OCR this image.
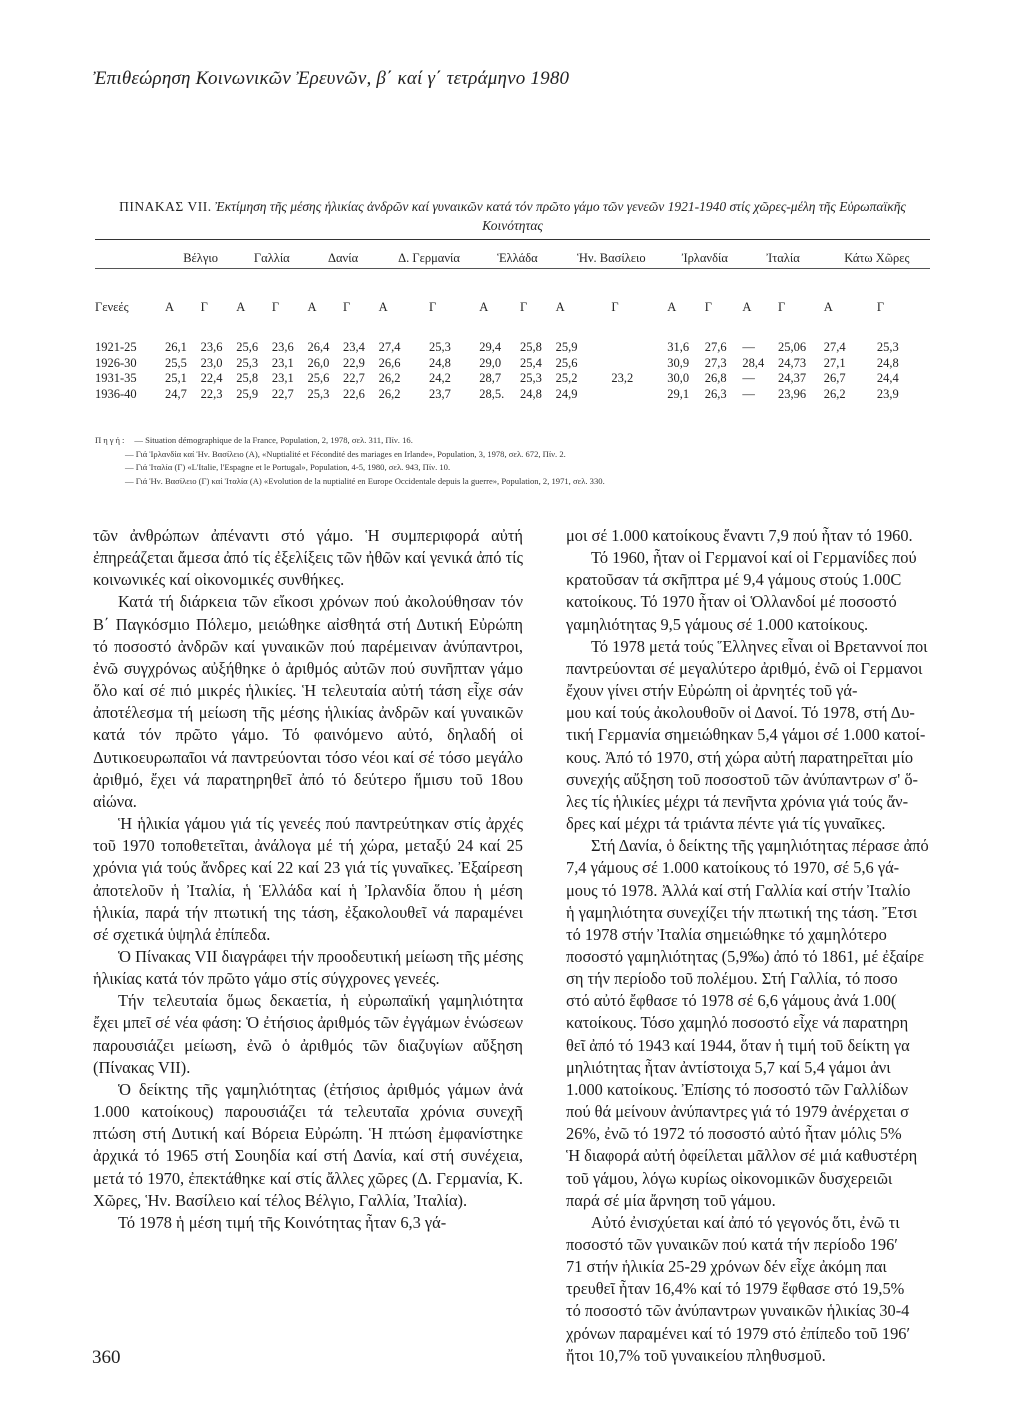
Ἐπιθεώρηση Κοινωνικῶν Ἐρευνῶν, β΄ καί γ΄ τετράμηνο 1980
ΠΙΝΑΚΑΣ VII. Ἐκτίμηση τῆς μέσης ἡλικίας ἀνδρῶν καί γυναικῶν κατά τόν πρῶτο γάμο τῶν γενεῶν 1921-1940 στίς χῶρες-μέλη τῆς Εὐρωπαϊκῆς Κοινότητας
	Βέλγιο		Γαλλία		Δανία		Δ. Γερμανία		Ἑλλάδα		Ἡν. Βασίλειο		Ἰρλανδία		Ἰταλία		Κάτω Χῶρες	
Γενεές	Α	Γ	Α	Γ	Α	Γ	Α	Γ	Α	Γ	Α	Γ	Α	Γ	Α	Γ	Α	Γ

1921-25	26,1	23,6	25,6	23,6	26,4	23,4	27,4	25,3	29,4	25,8	25,9		31,6	27,6	—	25,06	27,4	25,3
1926-30	25,5	23,0	25,3	23,1	26,0	22,9	26,6	24,8	29,0	25,4	25,6		30,9	27,3	28,4	24,73	27,1	24,8
1931-35	25,1	22,4	25,8	23,1	25,6	22,7	26,2	24,2	28,7	25,3	25,2	23,2	30,0	26,8	—	24,37	26,7	24,4
1936-40	24,7	22,3	25,9	22,7	25,3	22,6	26,2	23,7	28,5.	24,8	24,9		29,1	26,3	—	23,96	26,2	23,9
Πηγή: — Situation démographique de la France, Population, 2, 1978, σελ. 311, Πίν. 16.
— Γιά Ἰρλανδία καί Ἡν. Βασίλειο (Α), «Nuptialité et Fécondité des mariages en Irlande», Population, 3, 1978, σελ. 672, Πίν. 2.
— Γιά Ἰταλία (Γ) «L'Italie, l'Espagne et le Portugal», Population, 4-5, 1980, σελ. 943, Πίν. 10.
— Γιά Ἡν. Βασίλειο (Γ) καί Ἰταλία (Α) «Evolution de la nuptialité en Europe Occidentale depuis la guerre», Population, 2, 1971, σελ. 330.

τῶν ἀνθρώπων ἀπέναντι στό γάμο. Ἡ συμπεριφορά αὐτή ἐπηρεάζεται ἄμεσα ἀπό τίς ἐξελίξεις τῶν ἠθῶν καί γενικά ἀπό τίς κοινωνικές καί οἰκονομικές συνθήκες.

Κατά τή διάρκεια τῶν εἴκοσι χρόνων πού ἀκολούθησαν τόν Β΄ Παγκόσμιο Πόλεμο, μειώθηκε αἰσθητά στή Δυτική Εὐρώπη τό ποσοστό ἀνδρῶν καί γυναικῶν πού παρέμειναν ἀνύπαντροι, ἐνῶ συγχρόνως αὐξήθηκε ὁ ἀριθμός αὐτῶν πού συνῆπταν γάμο ὅλο καί σέ πιό μικρές ἡλικίες. Ἡ τελευταία αὐτή τάση εἶχε σάν ἀποτέλεσμα τή μείωση τῆς μέσης ἡλικίας ἀνδρῶν καί γυναικῶν κατά τόν πρῶτο γάμο. Τό φαινόμενο αὐτό, δηλαδή οἱ Δυτικοευρωπαῖοι νά παντρεύονται τόσο νέοι καί σέ τόσο μεγάλο ἀριθμό, ἔχει νά παρατηρηθεῖ ἀπό τό δεύτερο ἥμισυ τοῦ 18ου αἰώνα.

Ἡ ἡλικία γάμου γιά τίς γενεές πού παντρεύτηκαν στίς ἀρχές τοῦ 1970 τοποθετεῖται, ἀνάλογα μέ τή χώρα, μεταξύ 24 καί 25 χρόνια γιά τούς ἄνδρες καί 22 καί 23 γιά τίς γυναῖκες. Ἐξαίρεση ἀποτελοῦν ἡ Ἰταλία, ἡ Ἑλλάδα καί ἡ Ἰρλανδία ὅπου ἡ μέση ἡλικία, παρά τήν πτωτική της τάση, ἐξακολουθεῖ νά παραμένει σέ σχετικά ὑψηλά ἐπίπεδα.

Ὁ Πίνακας VII διαγράφει τήν προοδευτική μείωση τῆς μέσης ἡλικίας κατά τόν πρῶτο γάμο στίς σύγχρονες γενεές.

Τήν τελευταία ὅμως δεκαετία, ἡ εὐρωπαϊκή γαμηλιότητα ἔχει μπεῖ σέ νέα φάση: Ὁ ἐτήσιος ἀριθμός τῶν ἐγγάμων ἑνώσεων παρουσιάζει μείωση, ἐνῶ ὁ ἀριθμός τῶν διαζυγίων αὔξηση (Πίνακας VII).

Ὁ δείκτης τῆς γαμηλιότητας (ἐτήσιος ἀριθμός γάμων ἀνά 1.000 κατοίκους) παρουσιάζει τά τελευταῖα χρόνια συνεχῆ πτώση στή Δυτική καί Βόρεια Εὐρώπη. Ἡ πτώση ἐμφανίστηκε ἀρχικά τό 1965 στή Σουηδία καί στή Δανία, καί στή συνέχεια, μετά τό 1970, ἐπεκτάθηκε καί στίς ἄλλες χῶρες (Δ. Γερμανία, Κ. Χῶρες, Ἡν. Βασίλειο καί τέλος Βέλγιο, Γαλλία, Ἰταλία).

Τό 1978 ἡ μέση τιμή τῆς Κοινότητας ἦταν 6,3 γά-

μοι σέ 1.000 κατοίκους ἔναντι 7,9 πού ἦταν τό 1960.
Τό 1960, ἦταν οἱ Γερμανοί καί οἱ Γερμανίδες πού
κρατοῦσαν τά σκῆπτρα μέ 9,4 γάμους στούς 1.00C
κατοίκους. Τό 1970 ἦταν οἱ Ὁλλανδοί μέ ποσοστό
γαμηλιότητας 9,5 γάμους σέ 1.000 κατοίκους.
Τό 1978 μετά τούς Ἕλληνες εἶναι οἱ Βρεταννοί ποι
παντρεύονται σέ μεγαλύτερο ἀριθμό, ἐνῶ οἱ Γερμανοι
ἔχουν γίνει στήν Εὐρώπη οἱ ἀρνητές τοῦ γά-
μου καί τούς ἀκολουθοῦν οἱ Δανοί. Τό 1978, στή Δυ-
τική Γερμανία σημειώθηκαν 5,4 γάμοι σέ 1.000 κατοί-
κους. Ἀπό τό 1970, στή χώρα αὐτή παρατηρεῖται μίο
συνεχής αὔξηση τοῦ ποσοστοῦ τῶν ἀνύπαντρων σ' ὅ-
λες τίς ἡλικίες μέχρι τά πενῆντα χρόνια γιά τούς ἄν-
δρες καί μέχρι τά τριάντα πέντε γιά τίς γυναῖκες.
Στή Δανία, ὁ δείκτης τῆς γαμηλιότητας πέρασε ἀπό
7,4 γάμους σέ 1.000 κατοίκους τό 1970, σέ 5,6 γά-
μους τό 1978. Ἀλλά καί στή Γαλλία καί στήν Ἰταλίο
ἡ γαμηλιότητα συνεχίζει τήν πτωτική της τάση. Ἔτσι
τό 1978 στήν Ἰταλία σημειώθηκε τό χαμηλότερο
ποσοστό γαμηλιότητας (5,9‰) ἀπό τό 1861, μέ ἐξαίρε
ση τήν περίοδο τοῦ πολέμου. Στή Γαλλία, τό ποσο
στό αὐτό ἔφθασε τό 1978 σέ 6,6 γάμους ἀνά 1.00(
κατοίκους. Τόσο χαμηλό ποσοστό εἶχε νά παρατηρη
θεῖ ἀπό τό 1943 καί 1944, ὅταν ἡ τιμή τοῦ δείκτη γα
μηλιότητας ἦταν ἀντίστοιχα 5,7 καί 5,4 γάμοι ἀνι
1.000 κατοίκους. Ἐπίσης τό ποσοστό τῶν Γαλλίδων
πού θά μείνουν ἀνύπαντρες γιά τό 1979 ἀνέρχεται σ
26%, ἐνῶ τό 1972 τό ποσοστό αὐτό ἦταν μόλις 5%
Ἡ διαφορά αὐτή ὀφείλεται μᾶλλον σέ μιά καθυστέρη
τοῦ γάμου, λόγω κυρίως οἰκονομικῶν δυσχερειῶι
παρά σέ μία ἄρνηση τοῦ γάμου.
Αὐτό ἐνισχύεται καί ἀπό τό γεγονός ὅτι, ἐνῶ τι
ποσοστό τῶν γυναικῶν πού κατά τήν περίοδο 196ʹ
71 στήν ἡλικία 25-29 χρόνων δέν εἶχε ἀκόμη παι
τρευθεῖ ἦταν 16,4% καί τό 1979 ἔφθασε στό 19,5%
τό ποσοστό τῶν ἀνύπαντρων γυναικῶν ἡλικίας 30-4
χρόνων παραμένει καί τό 1979 στό ἐπίπεδο τοῦ 196ʹ
ἤτοι 10,7% τοῦ γυναικείου πληθυσμοῦ.
360
